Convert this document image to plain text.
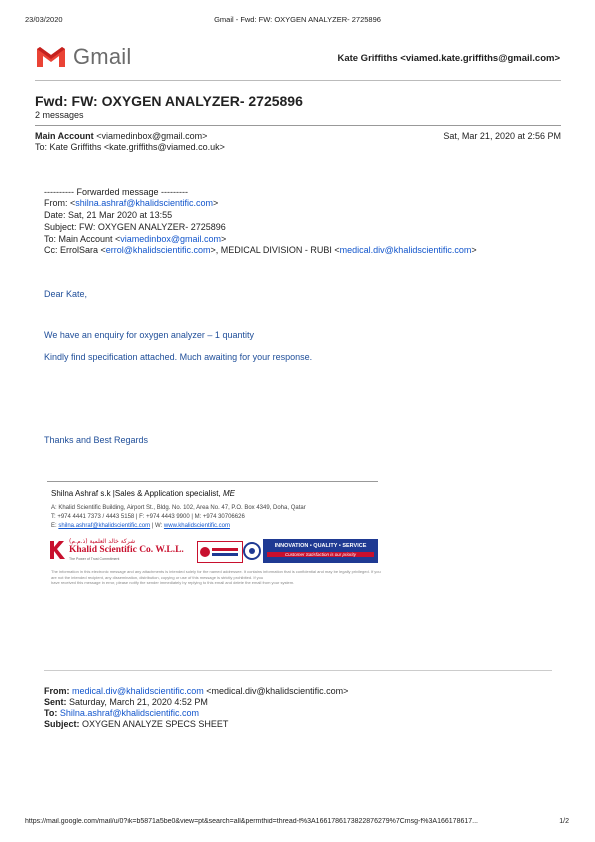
23/03/2020	Gmail - Fwd: FW: OXYGEN ANALYZER- 2725896
Gmail	Kate Griffiths <viamed.kate.griffiths@gmail.com>
Fwd: FW: OXYGEN ANALYZER- 2725896
2 messages
Main Account <viamedinbox@gmail.com>	Sat, Mar 21, 2020 at 2:56 PM
To: Kate Griffiths <kate.griffiths@viamed.co.uk>
---------- Forwarded message ---------
From: <shilna.ashraf@khalidscientific.com>
Date: Sat, 21 Mar 2020 at 13:55
Subject: FW: OXYGEN ANALYZER- 2725896
To: Main Account <viamedinbox@gmail.com>
Cc: ErrolSara <errol@khalidscientific.com>, MEDICAL DIVISION - RUBI <medical.div@khalidscientific.com>
Dear Kate,
We have an enquiry for oxygen analyzer – 1 quantity
Kindly find specification attached. Much awaiting for your response.
Thanks and Best Regards
Shilna Ashraf s.k |Sales & Application specialist, ME
A: Khalid Scientific Building, Airport St., Bldg. No. 102, Area No. 47, P.O. Box 4349, Doha, Qatar
T: +974 4441 7373 / 4443 5158 | F: +974 4443 9900 | M: +974 30706626
E: shilna.ashraf@khalidscientific.com | W: www.khalidscientific.com
شركة خالد العلمية (ذ.م.م)
Khalid Scientific Co. W.L.L.
The Power of Trust Commitment
INNOVATION • QUALITY • SERVICE
Customer Satisfaction is our priority
The information in this electronic message and any attachments is intended solely for the named addressee. It contains information that is confidential and may be legally privileged. If you are not the intended recipient, any dissemination, distribution, copying or use of this message is strictly prohibited. If you
have received this message in error, please notify the sender immediately by replying to this email and delete the email from your system.
From: medical.div@khalidscientific.com <medical.div@khalidscientific.com>
Sent: Saturday, March 21, 2020 4:52 PM
To: Shilna.ashraf@khalidscientific.com
Subject: OXYGEN ANALYZE SPECS SHEET
https://mail.google.com/mail/u/0?ik=b5871a5be0&view=pt&search=all&permthid=thread-f%3A1661786173822876279%7Cmsg-f%3A166178617...	1/2
